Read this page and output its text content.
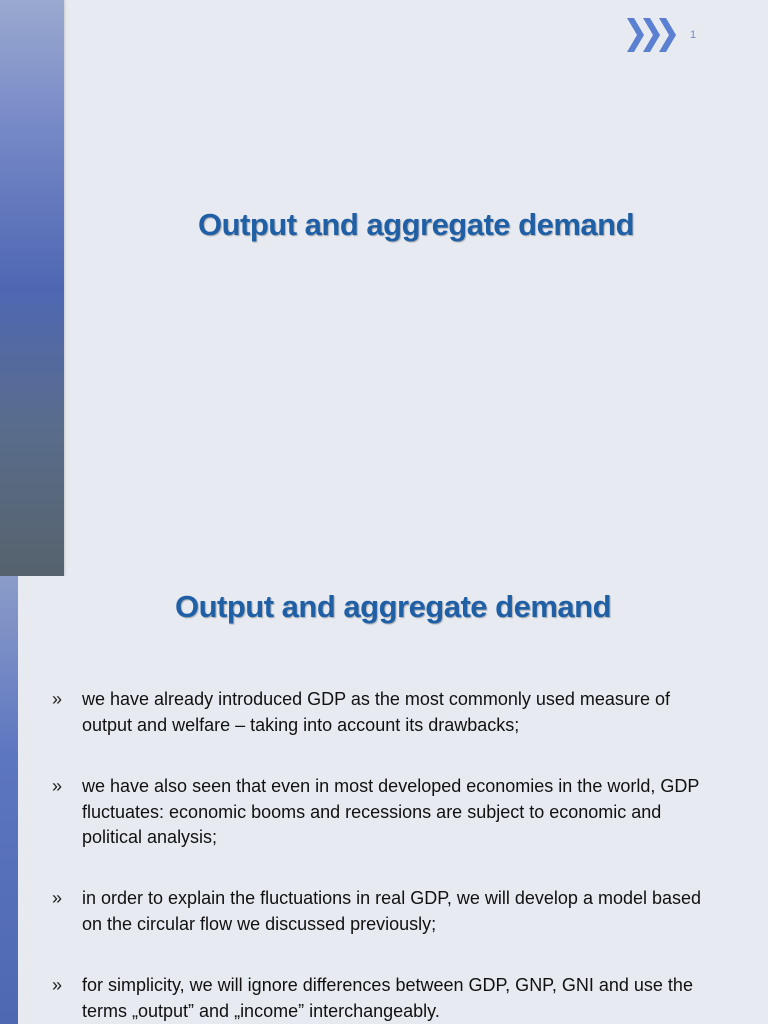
1
Output and aggregate demand
Output and aggregate demand
» we have already introduced GDP as the most commonly used measure of output and welfare – taking into account its drawbacks;
» we have also seen that even in most developed economies in the world, GDP fluctuates: economic booms and recessions are subject to economic and political analysis;
» in order to explain the fluctuations in real GDP, we will develop a model based on the circular flow we discussed previously;
» for simplicity, we will ignore differences between GDP, GNP, GNI and use the terms „output” and „income” interchangeably.
